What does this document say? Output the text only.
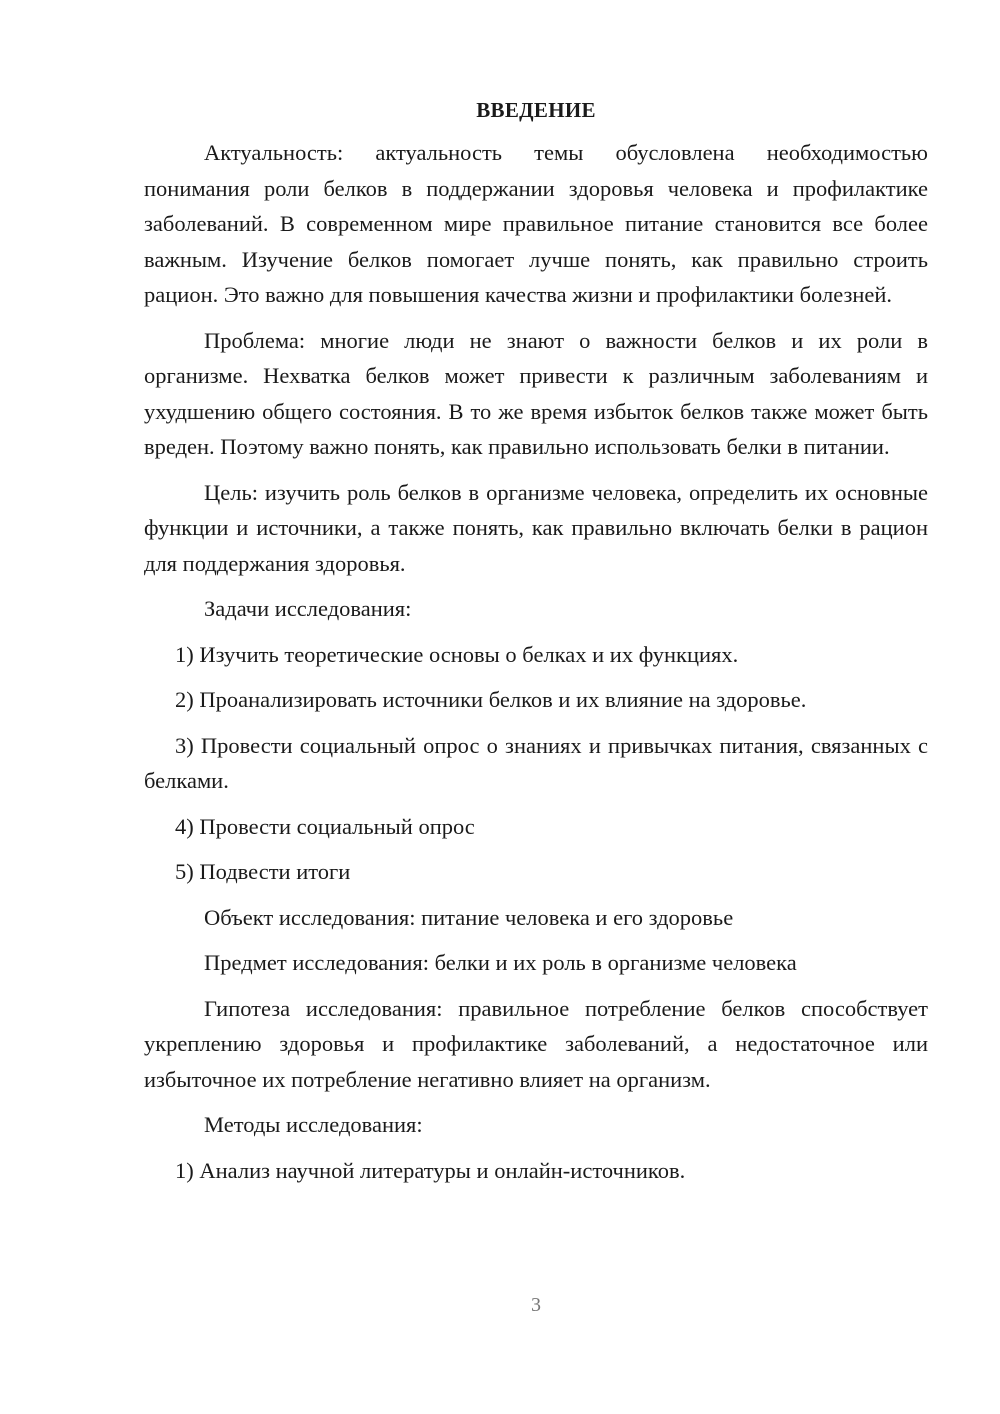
ВВЕДЕНИЕ

Актуальность: актуальность темы обусловлена необходимостью понимания роли белков в поддержании здоровья человека и профилактике заболеваний. В современном мире правильное питание становится все более важным. Изучение белков помогает лучше понять, как правильно строить рацион. Это важно для повышения качества жизни и профилактики болезней.

Проблема: многие люди не знают о важности белков и их роли в организме. Нехватка белков может привести к различным заболеваниям и ухудшению общего состояния. В то же время избыток белков также может быть вреден. Поэтому важно понять, как правильно использовать белки в питании.

Цель: изучить роль белков в организме человека, определить их основные функции и источники, а также понять, как правильно включать белки в рацион для поддержания здоровья.

Задачи исследования:

1) Изучить теоретические основы о белках и их функциях.

2) Проанализировать источники белков и их влияние на здоровье.

3) Провести социальный опрос о знаниях и привычках питания, связанных с белками.

4) Провести социальный опрос

5) Подвести итоги

Объект исследования: питание человека и его здоровье

Предмет исследования: белки и их роль в организме человека

Гипотеза исследования: правильное потребление белков способствует укреплению здоровья и профилактике заболеваний, а недостаточное или избыточное их потребление негативно влияет на организм.

Методы исследования:

1) Анализ научной литературы и онлайн-источников.

3
